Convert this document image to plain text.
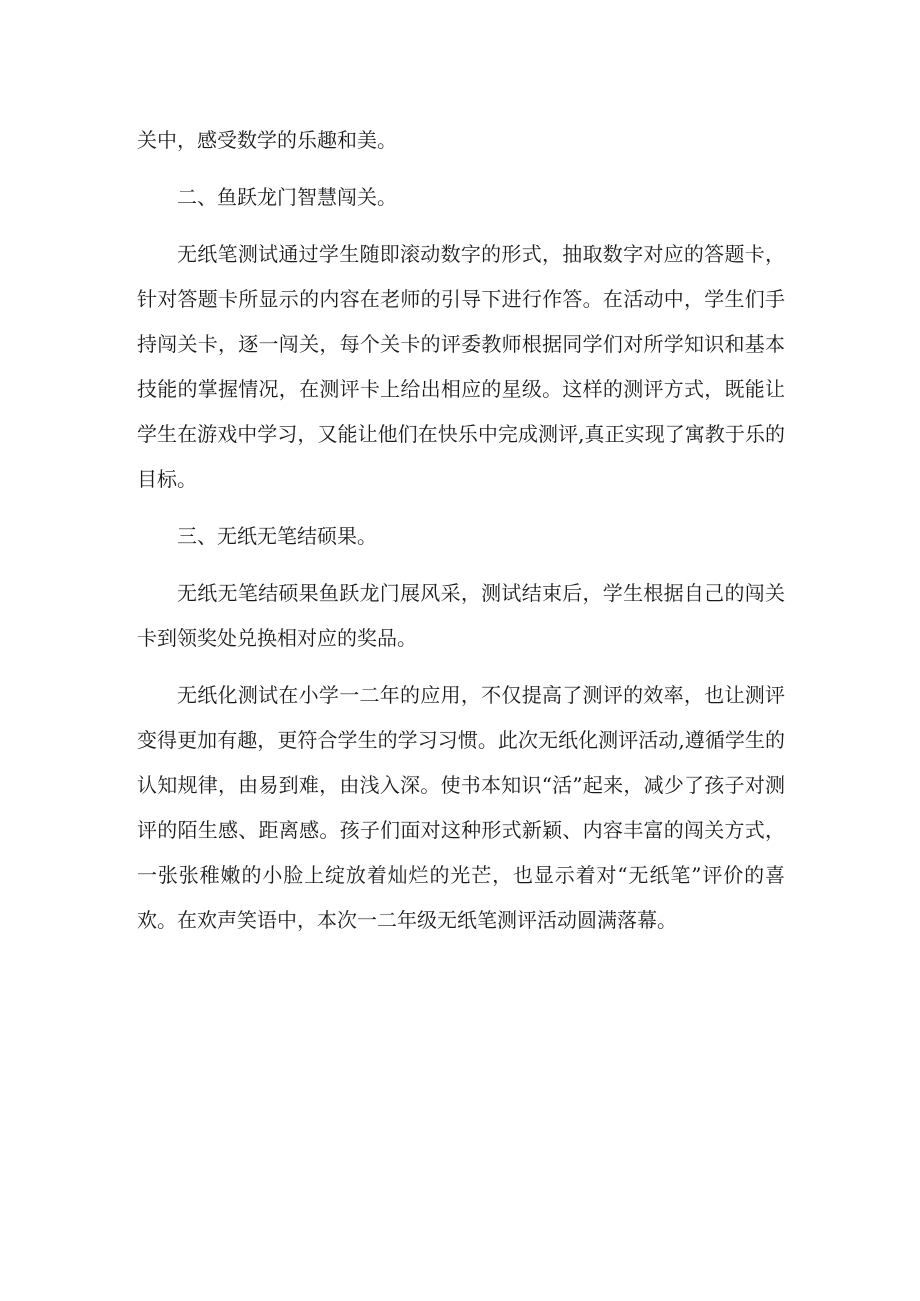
关中，感受数学的乐趣和美。

二、鱼跃龙门智慧闯关。

无纸笔测试通过学生随即滚动数字的形式，抽取数字对应的答题卡，针对答题卡所显示的内容在老师的引导下进行作答。在活动中，学生们手持闯关卡，逐一闯关，每个关卡的评委教师根据同学们对所学知识和基本技能的掌握情况，在测评卡上给出相应的星级。这样的测评方式，既能让学生在游戏中学习，又能让他们在快乐中完成测评,真正实现了寓教于乐的目标。

三、无纸无笔结硕果。

无纸无笔结硕果鱼跃龙门展风采，测试结束后，学生根据自己的闯关卡到领奖处兑换相对应的奖品。

无纸化测试在小学一二年的应用，不仅提高了测评的效率，也让测评变得更加有趣，更符合学生的学习习惯。此次无纸化测评活动,遵循学生的认知规律，由易到难，由浅入深。使书本知识“活”起来，减少了孩子对测评的陌生感、距离感。孩子们面对这种形式新颖、内容丰富的闯关方式，一张张稚嫩的小脸上绽放着灿烂的光芒，也显示着对“无纸笔”评价的喜欢。在欢声笑语中，本次一二年级无纸笔测评活动圆满落幕。
